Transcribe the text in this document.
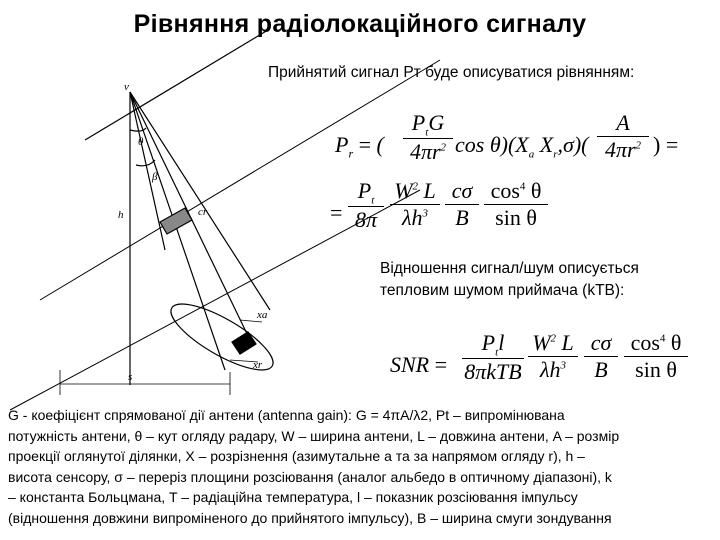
Рівняння радіолокаційного сигналу
v
θ
β
h	cr
xa
xr
s
Прийнятий сигнал Pт буде описуватися рівнянням:
$P_r$ = (
$P_tG$
$4\pi r^2$ $\cos \theta)(X_a$ $X_r,\sigma$)(
A
$4\pi r^2$ ) =
=
$P_t$
8π
$W^2$ L
$\lambda h^3$
cσ
B
$\cos^4 \theta$
sin θ
Відношення сигнал/шум описується
тепловим шумом приймача (kTB):
SNR =
$P_tl$
8πkTB
$W^2$ L
$\lambda h^3$
cσ
B
$\cos^4 \theta$
sin θ
G - коефіцієнт спрямованої дії антени (antenna gain): G = 4πA/λ2, Pt – випромінювана
потужність антени, θ – кут огляду радару, W – ширина антени, L – довжина антени, A – розмір
проекції оглянутої ділянки, X – розрізнення (азимутальне a та за напрямом огляду r), h –
висота сенсору, σ – переріз площини розсіювання (аналог альбедо в оптичному діапазоні), k
– константа Больцмана, T – радіаційна температура, l – показник розсіювання імпульсу
(відношення довжини випроміненого до прийнятого імпульсу), B – ширина смуги зондування
